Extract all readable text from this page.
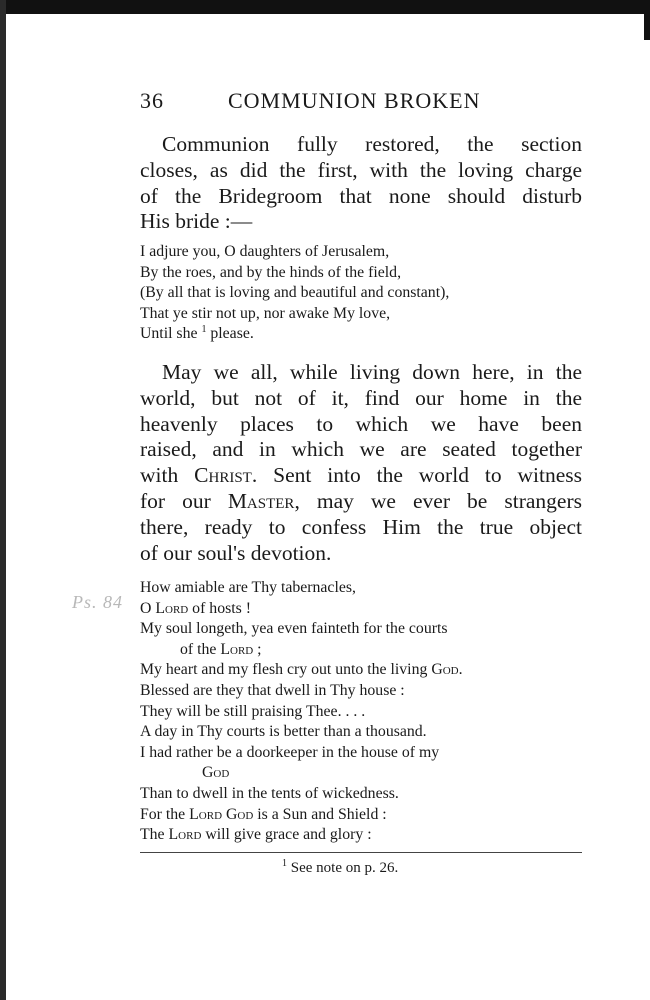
36	COMMUNION BROKEN
Communion fully restored, the section
closes, as did the first, with the loving charge
of the Bridegroom that none should disturb
His bride :—
I adjure you, O daughters of Jerusalem,
By the roes, and by the hinds of the field,
(By all that is loving and beautiful and constant),
That ye stir not up, nor awake My love,
Until she $^1$ please.
May we all, while living down here, in the
world, but not of it, find our home in the
heavenly places to which we have been
raised, and in which we are seated together
with Christ. Sent into the world to witness
for our Master, may we ever be strangers
there, ready to confess Him the true object
of our soul's devotion.
Ps. 84
How amiable are Thy tabernacles,
O Lord of hosts !
My soul longeth, yea even fainteth for the courts
of the Lord ;
My heart and my flesh cry out unto the living God.
Blessed are they that dwell in Thy house :
They will be still praising Thee. . . .
A day in Thy courts is better than a thousand.
I had rather be a doorkeeper in the house of my
God
Than to dwell in the tents of wickedness.
For the Lord God is a Sun and Shield :
The Lord will give grace and glory :
$^1$ See note on p. 26.
